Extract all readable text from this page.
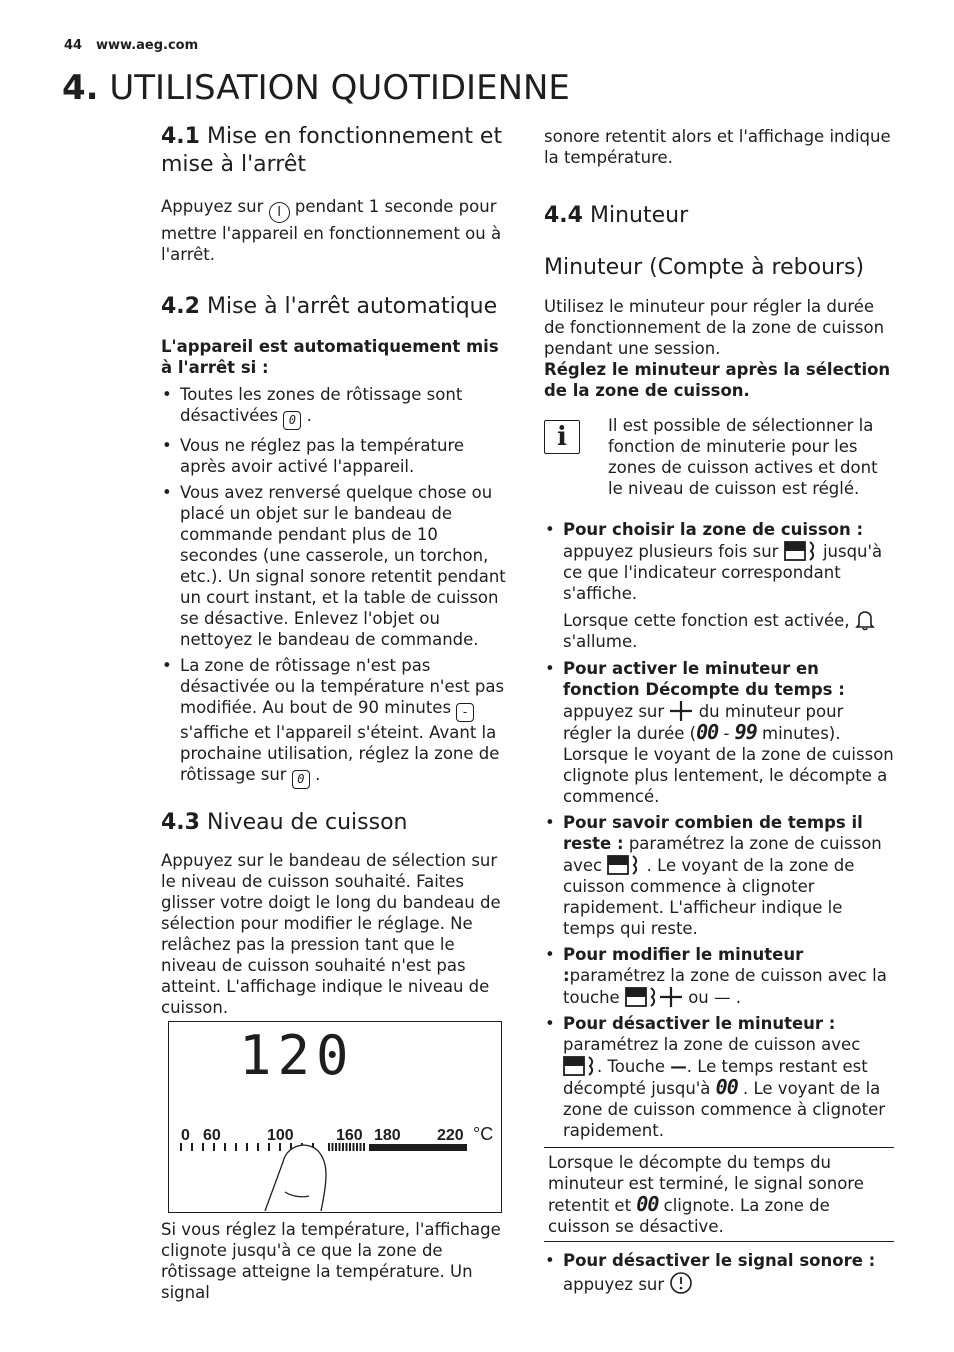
44 www.aeg.com
4. UTILISATION QUOTIDIENNE
4.1 Mise en fonctionnement et mise à l'arrêt

Appuyez sur I pendant 1 seconde pour mettre l'appareil en fonctionnement ou à l'arrêt.

4.2 Mise à l'arrêt automatique

L'appareil est automatiquement mis à l'arrêt si :

• Toutes les zones de rôtissage sont désactivées 0 .
• Vous ne réglez pas la température après avoir activé l'appareil.
• Vous avez renversé quelque chose ou placé un objet sur le bandeau de commande pendant plus de 10 secondes (une casserole, un torchon, etc.). Un signal sonore retentit pendant un court instant, et la table de cuisson se désactive. Enlevez l'objet ou nettoyez le bandeau de commande.
• La zone de rôtissage n'est pas désactivée ou la température n'est pas modifiée. Au bout de 90 minutes - s'affiche et l'appareil s'éteint. Avant la prochaine utilisation, réglez la zone de rôtissage sur 0 .
4.3 Niveau de cuisson

Appuyez sur le bandeau de sélection sur le niveau de cuisson souhaité. Faites glisser votre doigt le long du bandeau de sélection pour modifier le réglage. Ne relâchez pas la pression tant que le niveau de cuisson souhaité n'est pas atteint. L'affichage indique le niveau de cuisson.

120
0 60	100	160 180 220 °C

Si vous réglez la température, l'affichage clignote jusqu'à ce que la zone de rôtissage atteigne la température. Un signal

sonore retentit alors et l'affichage indique la température.

4.4 Minuteur
Minuteur (Compte à rebours)

Utilisez le minuteur pour régler la durée de fonctionnement de la zone de cuisson pendant une session.

Réglez le minuteur après la sélection de la zone de cuisson.

i	Il est possible de sélectionner la fonction de minuterie pour les zones de cuisson actives et dont le niveau de cuisson est réglé.

• Pour choisir la zone de cuisson : appuyez plusieurs fois sur	jusqu'à ce que l'indicateur correspondant s'affiche.

Lorsque cette fonction est activée,  s'allume.

• Pour activer le minuteur en fonction Décompte du temps : appuyez sur du minuteur pour régler la durée (00 - 99 minutes). Lorsque le voyant de la zone de cuisson clignote plus lentement, le décompte a commencé.
• Pour savoir combien de temps il reste : paramétrez la zone de cuisson avec	. Le voyant de la zone de cuisson commence à clignoter rapidement. L'afficheur indique le temps qui reste.
• Pour modifier le minuteur :paramétrez la zone de cuisson avec la touche	ou — .
• Pour désactiver le minuteur : paramétrez la zone de cuisson avec . Touche —. Le temps restant est décompté jusqu'à 00 . Le voyant de la zone de cuisson commence à clignoter rapidement.

Lorsque le décompte du temps du minuteur est terminé, le signal sonore retentit et 00 clignote. La zone de cuisson se désactive.

• Pour désactiver le signal sonore :
appuyez sur
